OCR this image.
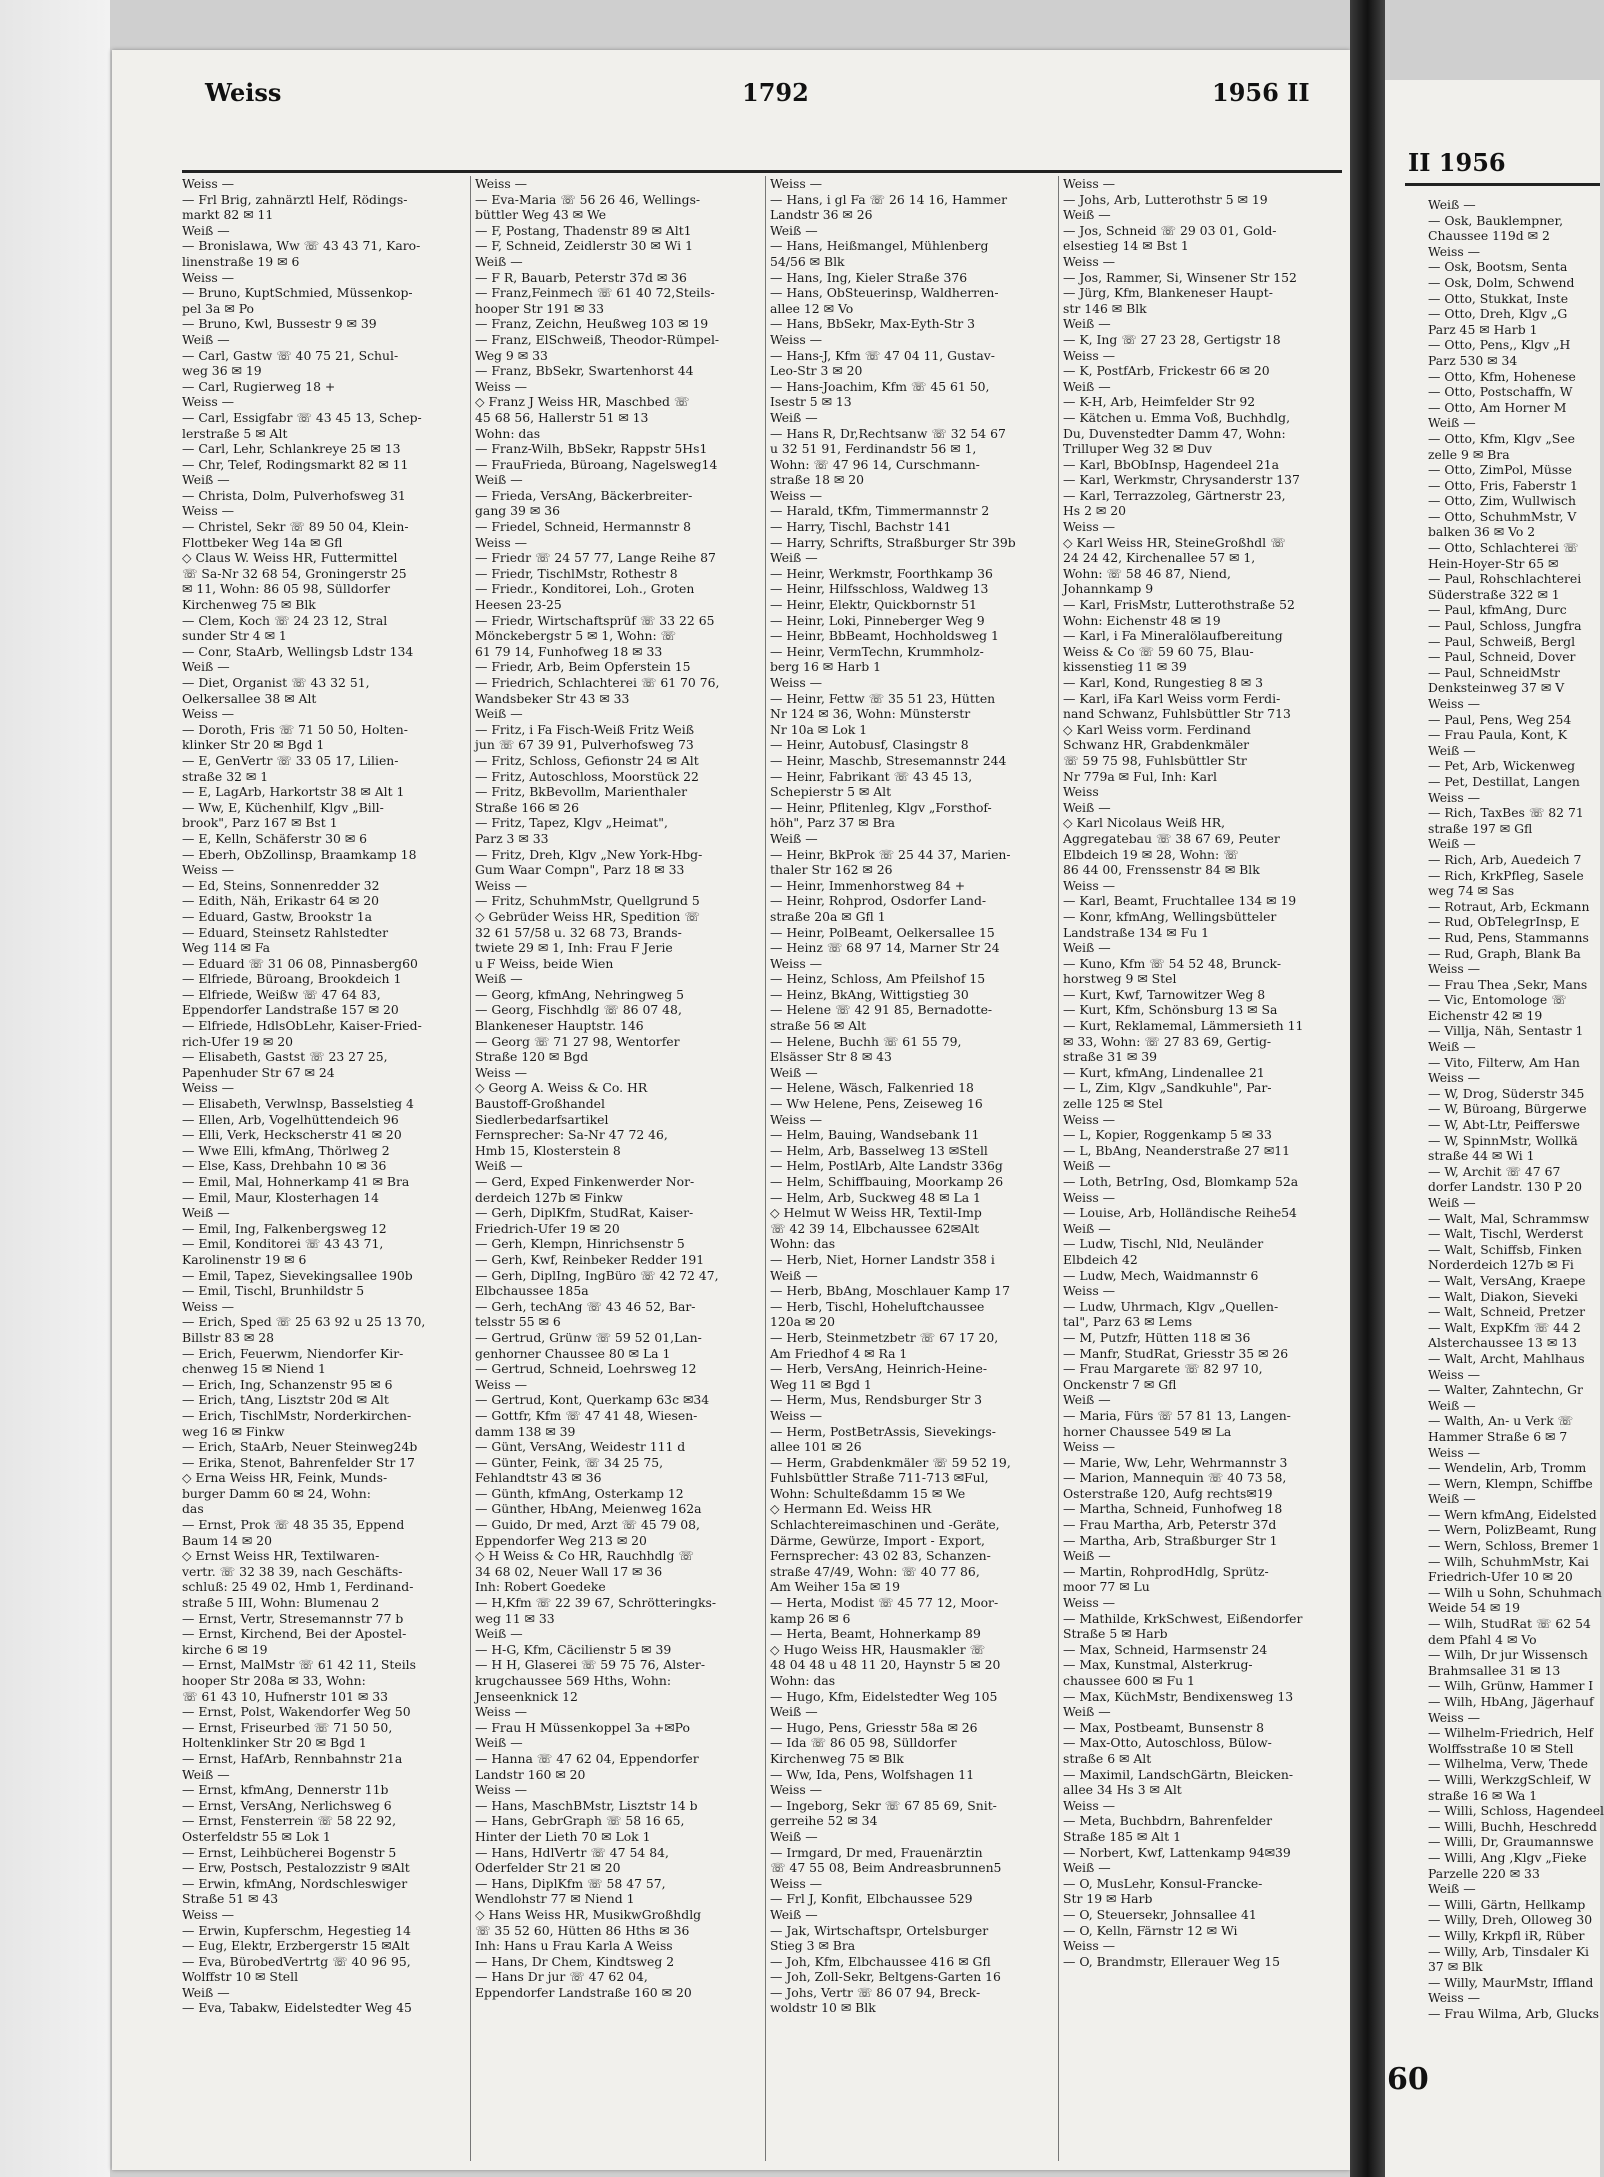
Weiss	1792	1956 II
II 1956
Weiss —
— Frl Brig, zahnärztl Helf, Rödings-
markt 82 ✉ 11
Weiß —
— Bronislawa, Ww ☏ 43 43 71, Karo-
linenstraße 19 ✉ 6
Weiss —
— Bruno, KuptSchmied, Müssenkop-
pel 3a ✉ Po
— Bruno, Kwl, Bussestr 9 ✉ 39
Weiß —
— Carl, Gastw ☏ 40 75 21, Schul-
weg 36 ✉ 19
— Carl, Rugierweg 18 +
Weiss —
— Carl, Essigfabr ☏ 43 45 13, Schep-
lerstraße 5 ✉ Alt
— Carl, Lehr, Schlankreye 25 ✉ 13
— Chr, Telef, Rodingsmarkt 82 ✉ 11
Weiß —
— Christa, Dolm, Pulverhofsweg 31
Weiss —
— Christel, Sekr ☏ 89 50 04, Klein-
Flottbeker Weg 14a ✉ Gfl
◇ Claus W. Weiss HR, Futtermittel
☏ Sa-Nr 32 68 54, Groningerstr 25
✉ 11, Wohn: 86 05 98, Sülldorfer
Kirchenweg 75 ✉ Blk
— Clem, Koch ☏ 24 23 12, Stral
sunder Str 4 ✉ 1
— Conr, StaArb, Wellingsb Ldstr 134
Weiß —
— Diet, Organist ☏ 43 32 51,
Oelkersallee 38 ✉ Alt
Weiss —
— Doroth, Fris ☏ 71 50 50, Holten-
klinker Str 20 ✉ Bgd 1
— E, GenVertr ☏ 33 05 17, Lilien-
straße 32 ✉ 1
— E, LagArb, Harkortstr 38 ✉ Alt 1
— Ww, E, Küchenhilf, Klgv „Bill-
brook", Parz 167 ✉ Bst 1
— E, Kelln, Schäferstr 30 ✉ 6
— Eberh, ObZollinsp, Braamkamp 18
Weiss —
— Ed, Steins, Sonnenredder 32
— Edith, Näh, Erikastr 64 ✉ 20
— Eduard, Gastw, Brookstr 1a
— Eduard, Steinsetz Rahlstedter
Weg 114 ✉ Fa
— Eduard ☏ 31 06 08, Pinnasberg60
— Elfriede, Büroang, Brookdeich 1
— Elfriede, Weißw ☏ 47 64 83,
Eppendorfer Landstraße 157 ✉ 20
— Elfriede, HdlsObLehr, Kaiser-Fried-
rich-Ufer 19 ✉ 20
— Elisabeth, Gastst ☏ 23 27 25,
Papenhuder Str 67 ✉ 24
Weiss —
— Elisabeth, Verwlnsp, Basselstieg 4
— Ellen, Arb, Vogelhüttendeich 96
— Elli, Verk, Heckscherstr 41 ✉ 20
— Wwe Elli, kfmAng, Thörlweg 2
— Else, Kass, Drehbahn 10 ✉ 36
— Emil, Mal, Hohnerkamp 41 ✉ Bra
— Emil, Maur, Klosterhagen 14
Weiß —
— Emil, Ing, Falkenbergsweg 12
— Emil, Konditorei ☏ 43 43 71,
Karolinenstr 19 ✉ 6
— Emil, Tapez, Sievekingsallee 190b
— Emil, Tischl, Brunhildstr 5
Weiss —
— Erich, Sped ☏ 25 63 92 u 25 13 70,
Billstr 83 ✉ 28
— Erich, Feuerwm, Niendorfer Kir-
chenweg 15 ✉ Niend 1
— Erich, Ing, Schanzenstr 95 ✉ 6
— Erich, tAng, Lisztstr 20d ✉ Alt
— Erich, TischlMstr, Norderkirchen-
weg 16 ✉ Finkw
— Erich, StaArb, Neuer Steinweg24b
— Erika, Stenot, Bahrenfelder Str 17
◇ Erna Weiss HR, Feink, Munds-
burger Damm 60 ✉ 24, Wohn:
das
— Ernst, Prok ☏ 48 35 35, Eppend
Baum 14 ✉ 20
◇ Ernst Weiss HR, Textilwaren-
vertr. ☏ 32 38 39, nach Geschäfts-
schluß: 25 49 02, Hmb 1, Ferdinand-
straße 5 III, Wohn: Blumenau 2
— Ernst, Vertr, Stresemannstr 77 b
— Ernst, Kirchend, Bei der Apostel-
kirche 6 ✉ 19
— Ernst, MalMstr ☏ 61 42 11, Steils
hooper Str 208a ✉ 33, Wohn:
☏ 61 43 10, Hufnerstr 101 ✉ 33
— Ernst, Polst, Wakendorfer Weg 50
— Ernst, Friseurbed ☏ 71 50 50,
Holtenklinker Str 20 ✉ Bgd 1
— Ernst, HafArb, Rennbahnstr 21a
Weiß —
— Ernst, kfmAng, Dennerstr 11b
— Ernst, VersAng, Nerlichsweg 6
— Ernst, Fensterrein ☏ 58 22 92,
Osterfeldstr 55 ✉ Lok 1
— Ernst, Leihbücherei Bogenstr 5
— Erw, Postsch, Pestalozzistr 9 ✉Alt
— Erwin, kfmAng, Nordschleswiger
Straße 51 ✉ 43
Weiss —
— Erwin, Kupferschm, Hegestieg 14
— Eug, Elektr, Erzbergerstr 15 ✉Alt
— Eva, BürobedVertrtg ☏ 40 96 95,
Wolffstr 10 ✉ Stell
Weiß —
— Eva, Tabakw, Eidelstedter Weg 45
Weiss —
— Eva-Maria ☏ 56 26 46, Wellings-
büttler Weg 43 ✉ We
— F, Postang, Thadenstr 89 ✉ Alt1
— F, Schneid, Zeidlerstr 30 ✉ Wi 1
Weiß —
— F R, Bauarb, Peterstr 37d ✉ 36
— Franz,Feinmech ☏ 61 40 72,Steils-
hooper Str 191 ✉ 33
— Franz, Zeichn, Heußweg 103 ✉ 19
— Franz, ElSchweiß, Theodor-Rümpel-
Weg 9 ✉ 33
— Franz, BbSekr, Swartenhorst 44
Weiss —
◇ Franz J Weiss HR, Maschbed ☏
45 68 56, Hallerstr 51 ✉ 13
Wohn: das
— Franz-Wilh, BbSekr, Rappstr 5Hs1
— FrauFrieda, Büroang, Nagelsweg14
Weiß —
— Frieda, VersAng, Bäckerbreiter-
gang 39 ✉ 36
— Friedel, Schneid, Hermannstr 8
Weiss —
— Friedr ☏ 24 57 77, Lange Reihe 87
— Friedr, TischlMstr, Rothestr 8
— Friedr., Konditorei, Loh., Groten
Heesen 23-25
— Friedr, Wirtschaftsprüf ☏ 33 22 65
Mönckebergstr 5 ✉ 1, Wohn: ☏
61 79 14, Funhofweg 18 ✉ 33
— Friedr, Arb, Beim Opferstein 15
— Friedrich, Schlachterei ☏ 61 70 76,
Wandsbeker Str 43 ✉ 33
Weiß —
— Fritz, i Fa Fisch-Weiß Fritz Weiß
jun ☏ 67 39 91, Pulverhofsweg 73
— Fritz, Schloss, Gefionstr 24 ✉ Alt
— Fritz, Autoschloss, Moorstück 22
— Fritz, BkBevollm, Marienthaler
Straße 166 ✉ 26
— Fritz, Tapez, Klgv „Heimat",
Parz 3 ✉ 33
— Fritz, Dreh, Klgv „New York-Hbg-
Gum Waar Compn", Parz 18 ✉ 33
Weiss —
— Fritz, SchuhmMstr, Quellgrund 5
◇ Gebrüder Weiss HR, Spedition ☏
32 61 57/58 u. 32 68 73, Brands-
twiete 29 ✉ 1, Inh: Frau F Jerie
u F Weiss, beide Wien
Weiß —
— Georg, kfmAng, Nehringweg 5
— Georg, Fischhdlg ☏ 86 07 48,
Blankeneser Hauptstr. 146
— Georg ☏ 71 27 98, Wentorfer
Straße 120 ✉ Bgd
Weiss —
◇ Georg A. Weiss & Co. HR
Baustoff-Großhandel
Siedlerbedarfsartikel
Fernsprecher: Sa-Nr 47 72 46,
Hmb 15, Klosterstein 8
Weiß —
— Gerd, Exped Finkenwerder Nor-
derdeich 127b ✉ Finkw
— Gerh, DiplKfm, StudRat, Kaiser-
Friedrich-Ufer 19 ✉ 20
— Gerh, Klempn, Hinrichsenstr 5
— Gerh, Kwf, Reinbeker Redder 191
— Gerh, DiplIng, IngBüro ☏ 42 72 47,
Elbchaussee 185a
— Gerh, techAng ☏ 43 46 52, Bar-
telsstr 55 ✉ 6
— Gertrud, Grünw ☏ 59 52 01,Lan-
genhorner Chaussee 80 ✉ La 1
— Gertrud, Schneid, Loehrsweg 12
Weiss —
— Gertrud, Kont, Querkamp 63c ✉34
— Gottfr, Kfm ☏ 47 41 48, Wiesen-
damm 138 ✉ 39
— Günt, VersAng, Weidestr 111 d
— Günter, Feink, ☏ 34 25 75,
Fehlandtstr 43 ✉ 36
— Günth, kfmAng, Osterkamp 12
— Günther, HbAng, Meienweg 162a
— Guido, Dr med, Arzt ☏ 45 79 08,
Eppendorfer Weg 213 ✉ 20
◇ H Weiss & Co HR, Rauchhdlg ☏
34 68 02, Neuer Wall 17 ✉ 36
Inh: Robert Goedeke
— H,Kfm ☏ 22 39 67, Schrötteringks-
weg 11 ✉ 33
Weiß —
— H-G, Kfm, Cäcilienstr 5 ✉ 39
— H H, Glaserei ☏ 59 75 76, Alster-
krugchaussee 569 Hths, Wohn:
Jenseenknick 12
Weiss —
— Frau H Müssenkoppel 3a +✉Po
Weiß —
— Hanna ☏ 47 62 04, Eppendorfer
Landstr 160 ✉ 20
Weiss —
— Hans, MaschBMstr, Lisztstr 14 b
— Hans, GebrGraph ☏ 58 16 65,
Hinter der Lieth 70 ✉ Lok 1
— Hans, HdlVertr ☏ 47 54 84,
Oderfelder Str 21 ✉ 20
— Hans, DiplKfm ☏ 58 47 57,
Wendlohstr 77 ✉ Niend 1
◇ Hans Weiss HR, MusikwGroßhdlg
☏ 35 52 60, Hütten 86 Hths ✉ 36
Inh: Hans u Frau Karla A Weiss
— Hans, Dr Chem, Kindtsweg 2
— Hans Dr jur ☏ 47 62 04,
Eppendorfer Landstraße 160 ✉ 20
Weiss —
— Hans, i gl Fa ☏ 26 14 16, Hammer
Landstr 36 ✉ 26
Weiß —
— Hans, Heißmangel, Mühlenberg
54/56 ✉ Blk
— Hans, Ing, Kieler Straße 376
— Hans, ObSteuerinsp, Waldherren-
allee 12 ✉ Vo
— Hans, BbSekr, Max-Eyth-Str 3
Weiss —
— Hans-J, Kfm ☏ 47 04 11, Gustav-
Leo-Str 3 ✉ 20
— Hans-Joachim, Kfm ☏ 45 61 50,
Isestr 5 ✉ 13
Weiß —
— Hans R, Dr,Rechtsanw ☏ 32 54 67
u 32 51 91, Ferdinandstr 56 ✉ 1,
Wohn: ☏ 47 96 14, Curschmann-
straße 18 ✉ 20
Weiss —
— Harald, tKfm, Timmermannstr 2
— Harry, Tischl, Bachstr 141
— Harry, Schrifts, Straßburger Str 39b
Weiß —
— Heinr, Werkmstr, Foorthkamp 36
— Heinr, Hilfsschloss, Waldweg 13
— Heinr, Elektr, Quickbornstr 51
— Heinr, Loki, Pinneberger Weg 9
— Heinr, BbBeamt, Hochholdsweg 1
— Heinr, VermTechn, Krummholz-
berg 16 ✉ Harb 1
Weiss —
— Heinr, Fettw ☏ 35 51 23, Hütten
Nr 124 ✉ 36, Wohn: Münsterstr
Nr 10a ✉ Lok 1
— Heinr, Autobusf, Clasingstr 8
— Heinr, Maschb, Stresemannstr 244
— Heinr, Fabrikant ☏ 43 45 13,
Schepierstr 5 ✉ Alt
— Heinr, Pflitenleg, Klgv „Forsthof-
höh", Parz 37 ✉ Bra
Weiß —
— Heinr, BkProk ☏ 25 44 37, Marien-
thaler Str 162 ✉ 26
— Heinr, Immenhorstweg 84 +
— Heinr, Rohprod, Osdorfer Land-
straße 20a ✉ Gfl 1
— Heinr, PolBeamt, Oelkersallee 15
— Heinz ☏ 68 97 14, Marner Str 24
Weiss —
— Heinz, Schloss, Am Pfeilshof 15
— Heinz, BkAng, Wittigstieg 30
— Helene ☏ 42 91 85, Bernadotte-
straße 56 ✉ Alt
— Helene, Buchh ☏ 61 55 79,
Elsässer Str 8 ✉ 43
Weiß —
— Helene, Wäsch, Falkenried 18
— Ww Helene, Pens, Zeiseweg 16
Weiss —
— Helm, Bauing, Wandsebank 11
— Helm, Arb, Basselweg 13 ✉Stell
— Helm, PostlArb, Alte Landstr 336g
— Helm, Schiffbauing, Moorkamp 26
— Helm, Arb, Suckweg 48 ✉ La 1
◇ Helmut W Weiss HR, Textil-Imp
☏ 42 39 14, Elbchaussee 62✉Alt
Wohn: das
— Herb, Niet, Horner Landstr 358 i
Weiß —
— Herb, BbAng, Moschlauer Kamp 17
— Herb, Tischl, Hoheluftchaussee
120a ✉ 20
— Herb, Steinmetzbetr ☏ 67 17 20,
Am Friedhof 4 ✉ Ra 1
— Herb, VersAng, Heinrich-Heine-
Weg 11 ✉ Bgd 1
— Herm, Mus, Rendsburger Str 3
Weiss —
— Herm, PostBetrAssis, Sievekings-
allee 101 ✉ 26
— Herm, Grabdenkmäler ☏ 59 52 19,
Fuhlsbüttler Straße 711-713 ✉Ful,
Wohn: Schulteßdamm 15 ✉ We
◇ Hermann Ed. Weiss HR
Schlachtereimaschinen und -Geräte,
Därme, Gewürze, Import - Export,
Fernsprecher: 43 02 83, Schanzen-
straße 47/49, Wohn: ☏ 40 77 86,
Am Weiher 15a ✉ 19
— Herta, Modist ☏ 45 77 12, Moor-
kamp 26 ✉ 6
— Herta, Beamt, Hohnerkamp 89
◇ Hugo Weiss HR, Hausmakler ☏
48 04 48 u 48 11 20, Haynstr 5 ✉ 20
Wohn: das
— Hugo, Kfm, Eidelstedter Weg 105
Weiß —
— Hugo, Pens, Griesstr 58a ✉ 26
— Ida ☏ 86 05 98, Sülldorfer
Kirchenweg 75 ✉ Blk
— Ww, Ida, Pens, Wolfshagen 11
Weiss —
— Ingeborg, Sekr ☏ 67 85 69, Snit-
gerreihe 52 ✉ 34
Weiß —
— Irmgard, Dr med, Frauenärztin
☏ 47 55 08, Beim Andreasbrunnen5
Weiss —
— Frl J, Konfit, Elbchaussee 529
Weiß —
— Jak, Wirtschaftspr, Ortelsburger
Stieg 3 ✉ Bra
— Joh, Kfm, Elbchaussee 416 ✉ Gfl
— Joh, Zoll-Sekr, Beltgens-Garten 16
— Johs, Vertr ☏ 86 07 94, Breck-
woldstr 10 ✉ Blk
Weiss —
— Johs, Arb, Lutterothstr 5 ✉ 19
Weiß —
— Jos, Schneid ☏ 29 03 01, Gold-
elsestieg 14 ✉ Bst 1
Weiss —
— Jos, Rammer, Si, Winsener Str 152
— Jürg, Kfm, Blankeneser Haupt-
str 146 ✉ Blk
Weiß —
— K, Ing ☏ 27 23 28, Gertigstr 18
Weiss —
— K, PostfArb, Frickestr 66 ✉ 20
Weiß —
— K-H, Arb, Heimfelder Str 92
— Kätchen u. Emma Voß, Buchhdlg,
Du, Duvenstedter Damm 47, Wohn:
Trilluper Weg 32 ✉ Duv
— Karl, BbObInsp, Hagendeel 21a
— Karl, Werkmstr, Chrysanderstr 137
— Karl, Terrazzoleg, Gärtnerstr 23,
Hs 2 ✉ 20
Weiss —
◇ Karl Weiss HR, SteineGroßhdl ☏
24 24 42, Kirchenallee 57 ✉ 1,
Wohn: ☏ 58 46 87, Niend,
Johannkamp 9
— Karl, FrisMstr, Lutterothstraße 52
Wohn: Eichenstr 48 ✉ 19
— Karl, i Fa Mineralölaufbereitung
Weiss & Co ☏ 59 60 75, Blau-
kissenstieg 11 ✉ 39
— Karl, Kond, Rungestieg 8 ✉ 3
— Karl, iFa Karl Weiss vorm Ferdi-
nand Schwanz, Fuhlsbüttler Str 713
◇ Karl Weiss vorm. Ferdinand
Schwanz HR, Grabdenkmäler
☏ 59 75 98, Fuhlsbüttler Str
Nr 779a ✉ Ful, Inh: Karl
Weiss
Weiß —
◇ Karl Nicolaus Weiß HR,
Aggregatebau ☏ 38 67 69, Peuter
Elbdeich 19 ✉ 28, Wohn: ☏
86 44 00, Frenssenstr 84 ✉ Blk
Weiss —
— Karl, Beamt, Fruchtallee 134 ✉ 19
— Konr, kfmAng, Wellingsbütteler
Landstraße 134 ✉ Fu 1
Weiß —
— Kuno, Kfm ☏ 54 52 48, Brunck-
horstweg 9 ✉ Stel
— Kurt, Kwf, Tarnowitzer Weg 8
— Kurt, Kfm, Schönsburg 13 ✉ Sa
— Kurt, Reklamemal, Lämmersieth 11
✉ 33, Wohn: ☏ 27 83 69, Gertig-
straße 31 ✉ 39
— Kurt, kfmAng, Lindenallee 21
— L, Zim, Klgv „Sandkuhle", Par-
zelle 125 ✉ Stel
Weiss —
— L, Kopier, Roggenkamp 5 ✉ 33
— L, BbAng, Neanderstraße 27 ✉11
Weiß —
— Loth, BetrIng, Osd, Blomkamp 52a
Weiss —
— Louise, Arb, Holländische Reihe54
Weiß —
— Ludw, Tischl, Nld, Neuländer
Elbdeich 42
— Ludw, Mech, Waidmannstr 6
Weiss —
— Ludw, Uhrmach, Klgv „Quellen-
tal", Parz 63 ✉ Lems
— M, Putzfr, Hütten 118 ✉ 36
— Manfr, StudRat, Griesstr 35 ✉ 26
— Frau Margarete ☏ 82 97 10,
Onckenstr 7 ✉ Gfl
Weiß —
— Maria, Fürs ☏ 57 81 13, Langen-
horner Chaussee 549 ✉ La
Weiss —
— Marie, Ww, Lehr, Wehrmannstr 3
— Marion, Mannequin ☏ 40 73 58,
Osterstraße 120, Aufg rechts✉19
— Martha, Schneid, Funhofweg 18
— Frau Martha, Arb, Peterstr 37d
— Martha, Arb, Straßburger Str 1
Weiß —
— Martin, RohprodHdlg, Sprütz-
moor 77 ✉ Lu
Weiss —
— Mathilde, KrkSchwest, Eißendorfer
Straße 5 ✉ Harb
— Max, Schneid, Harmsenstr 24
— Max, Kunstmal, Alsterkrug-
chaussee 600 ✉ Fu 1
— Max, KüchMstr, Bendixensweg 13
Weiß —
— Max, Postbeamt, Bunsenstr 8
— Max-Otto, Autoschloss, Bülow-
straße 6 ✉ Alt
— Maximil, LandschGärtn, Bleicken-
allee 34 Hs 3 ✉ Alt
Weiss —
— Meta, Buchbdrn, Bahrenfelder
Straße 185 ✉ Alt 1
— Norbert, Kwf, Lattenkamp 94✉39
Weiß —
— O, MusLehr, Konsul-Francke-
Str 19 ✉ Harb
— O, Steuersekr, Johnsallee 41
— O, Kelln, Färnstr 12 ✉ Wi
Weiss —
— O, Brandmstr, Ellerauer Weg 15
Weiß —
— Osk, Bauklempner,
Chaussee 119d ✉ 2
Weiss —
— Osk, Bootsm, Senta
— Osk, Dolm, Schwend
— Otto, Stukkat, Inste
— Otto, Dreh, Klgv „G
Parz 45 ✉ Harb 1
— Otto, Pens,, Klgv „H
Parz 530 ✉ 34
— Otto, Kfm, Hohenese
— Otto, Postschaffn, W
— Otto, Am Horner M
Weiß —
— Otto, Kfm, Klgv „See
zelle 9 ✉ Bra
— Otto, ZimPol, Müsse
— Otto, Fris, Faberstr 1
— Otto, Zim, Wullwisch
— Otto, SchuhmMstr, V
balken 36 ✉ Vo 2
— Otto, Schlachterei ☏
Hein-Hoyer-Str 65 ✉
— Paul, Rohschlachterei
Süderstraße 322 ✉ 1
— Paul, kfmAng, Durc
— Paul, Schloss, Jungfra
— Paul, Schweiß, Bergl
— Paul, Schneid, Dover
— Paul, SchneidMstr
Denksteinweg 37 ✉ V
Weiss —
— Paul, Pens, Weg 254
— Frau Paula, Kont, K
Weiß —
— Pet, Arb, Wickenweg
— Pet, Destillat, Langen
Weiss —
— Rich, TaxBes ☏ 82 71
straße 197 ✉ Gfl
Weiß —
— Rich, Arb, Auedeich 7
— Rich, KrkPfleg, Sasele
weg 74 ✉ Sas
— Rotraut, Arb, Eckmann
— Rud, ObTelegrInsp, E
— Rud, Pens, Stammanns
— Rud, Graph, Blank Ba
Weiss —
— Frau Thea ,Sekr, Mans
— Vic, Entomologe ☏
Eichenstr 42 ✉ 19
— Villja, Näh, Sentastr 1
Weiß —
— Vito, Filterw, Am Han
Weiss —
— W, Drog, Süderstr 345
— W, Büroang, Bürgerwe
— W, Abt-Ltr, Peifferswe
— W, SpinnMstr, Wollkä
straße 44 ✉ Wi 1
— W, Archit ☏ 47 67
dorfer Landstr. 130 P 20
Weiß —
— Walt, Mal, Schrammsw
— Walt, Tischl, Werderst
— Walt, Schiffsb, Finken
Norderdeich 127b ✉ Fi
— Walt, VersAng, Kraepe
— Walt, Diakon, Sieveki
— Walt, Schneid, Pretzer
— Walt, ExpKfm ☏ 44 2
Alsterchaussee 13 ✉ 13
— Walt, Archt, Mahlhaus
Weiss —
— Walter, Zahntechn, Gr
Weiß —
— Walth, An- u Verk ☏
Hammer Straße 6 ✉ 7
Weiss —
— Wendelin, Arb, Tromm
— Wern, Klempn, Schiffbe
Weiß —
— Wern kfmAng, Eidelsted
— Wern, PolizBeamt, Rung
— Wern, Schloss, Bremer 1
— Wilh, SchuhmMstr, Kai
Friedrich-Ufer 10 ✉ 20
— Wilh u Sohn, Schuhmach
Weide 54 ✉ 19
— Wilh, StudRat ☏ 62 54
dem Pfahl 4 ✉ Vo
— Wilh, Dr jur Wissensch
Brahmsallee 31 ✉ 13
— Wilh, Grünw, Hammer I
— Wilh, HbAng, Jägerhauf
Weiss —
— Wilhelm-Friedrich, Helf
Wolffsstraße 10 ✉ Stell
— Wilhelma, Verw, Thede
— Willi, WerkzgSchleif, W
straße 16 ✉ Wa 1
— Willi, Schloss, Hagendeel
— Willi, Buchh, Heschredd
— Willi, Dr, Graumannswe
— Willi, Ang ,Klgv „Fieke
Parzelle 220 ✉ 33
Weiß —
— Willi, Gärtn, Hellkamp
— Willy, Dreh, Olloweg 30
— Willy, Krkpfl iR, Rüber
— Willy, Arb, Tinsdaler Ki
37 ✉ Blk
— Willy, MaurMstr, Iffland
Weiss —
— Frau Wilma, Arb, Glucks
60
